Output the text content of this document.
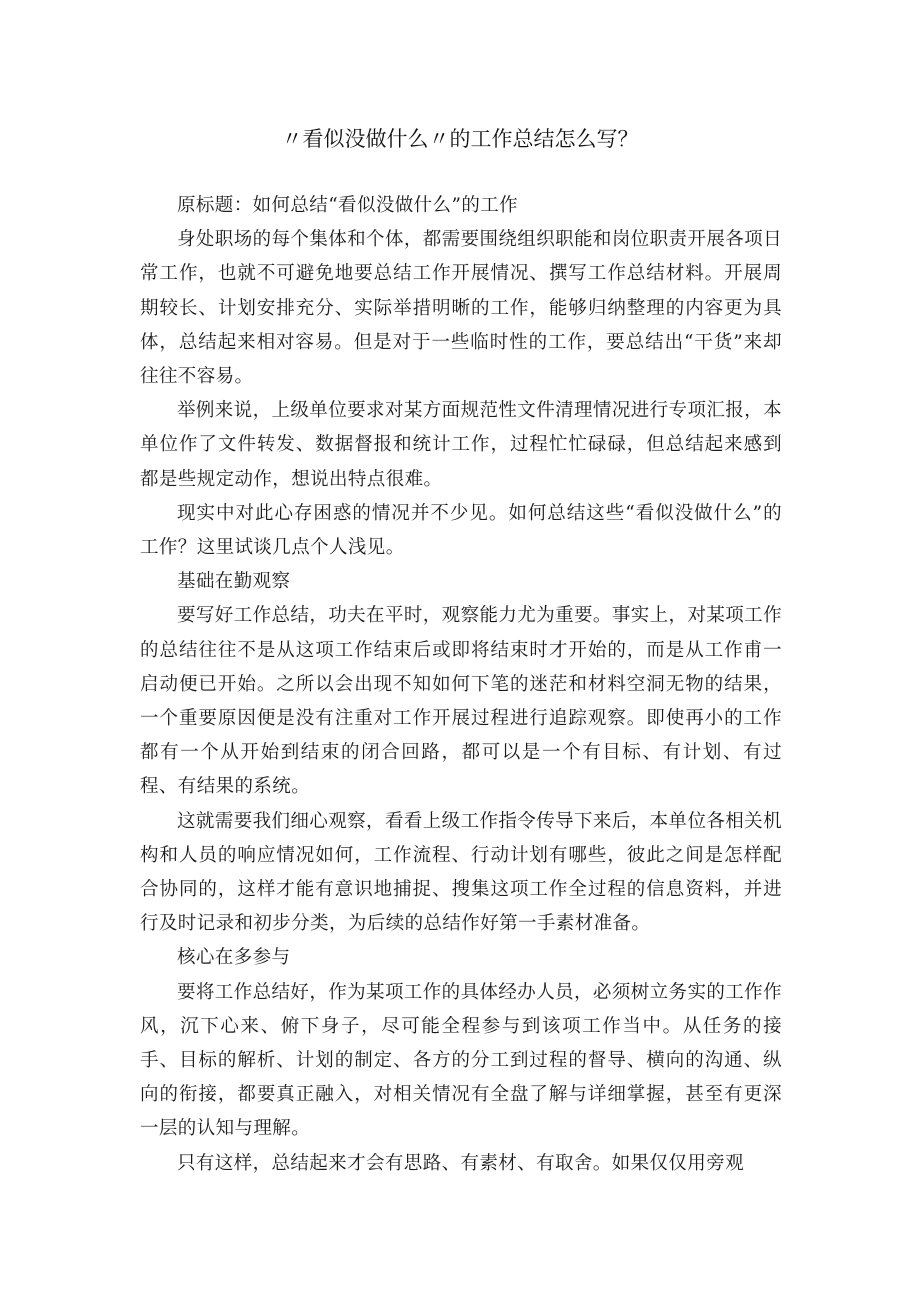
〃看似没做什么〃的工作总结怎么写？

原标题：如何总结“看似没做什么”的工作

身处职场的每个集体和个体，都需要围绕组织职能和岗位职责开展各项日常工作，也就不可避免地要总结工作开展情况、撰写工作总结材料。开展周期较长、计划安排充分、实际举措明晰的工作，能够归纳整理的内容更为具体，总结起来相对容易。但是对于一些临时性的工作，要总结出“干货”来却往往不容易。

举例来说，上级单位要求对某方面规范性文件清理情况进行专项汇报，本单位作了文件转发、数据督报和统计工作，过程忙忙碌碌，但总结起来感到都是些规定动作，想说出特点很难。

现实中对此心存困惑的情况并不少见。如何总结这些“看似没做什么”的工作？这里试谈几点个人浅见。

基础在勤观察

要写好工作总结，功夫在平时，观察能力尤为重要。事实上，对某项工作的总结往往不是从这项工作结束后或即将结束时才开始的，而是从工作甫一启动便已开始。之所以会出现不知如何下笔的迷茫和材料空洞无物的结果，一个重要原因便是没有注重对工作开展过程进行追踪观察。即使再小的工作都有一个从开始到结束的闭合回路，都可以是一个有目标、有计划、有过程、有结果的系统。

这就需要我们细心观察，看看上级工作指令传导下来后，本单位各相关机构和人员的响应情况如何，工作流程、行动计划有哪些，彼此之间是怎样配合协同的，这样才能有意识地捕捉、搜集这项工作全过程的信息资料，并进行及时记录和初步分类，为后续的总结作好第一手素材准备。

核心在多参与

要将工作总结好，作为某项工作的具体经办人员，必须树立务实的工作作风，沉下心来、俯下身子，尽可能全程参与到该项工作当中。从任务的接手、目标的解析、计划的制定、各方的分工到过程的督导、横向的沟通、纵向的衔接，都要真正融入，对相关情况有全盘了解与详细掌握，甚至有更深一层的认知与理解。

只有这样，总结起来才会有思路、有素材、有取舍。如果仅仅用旁观
